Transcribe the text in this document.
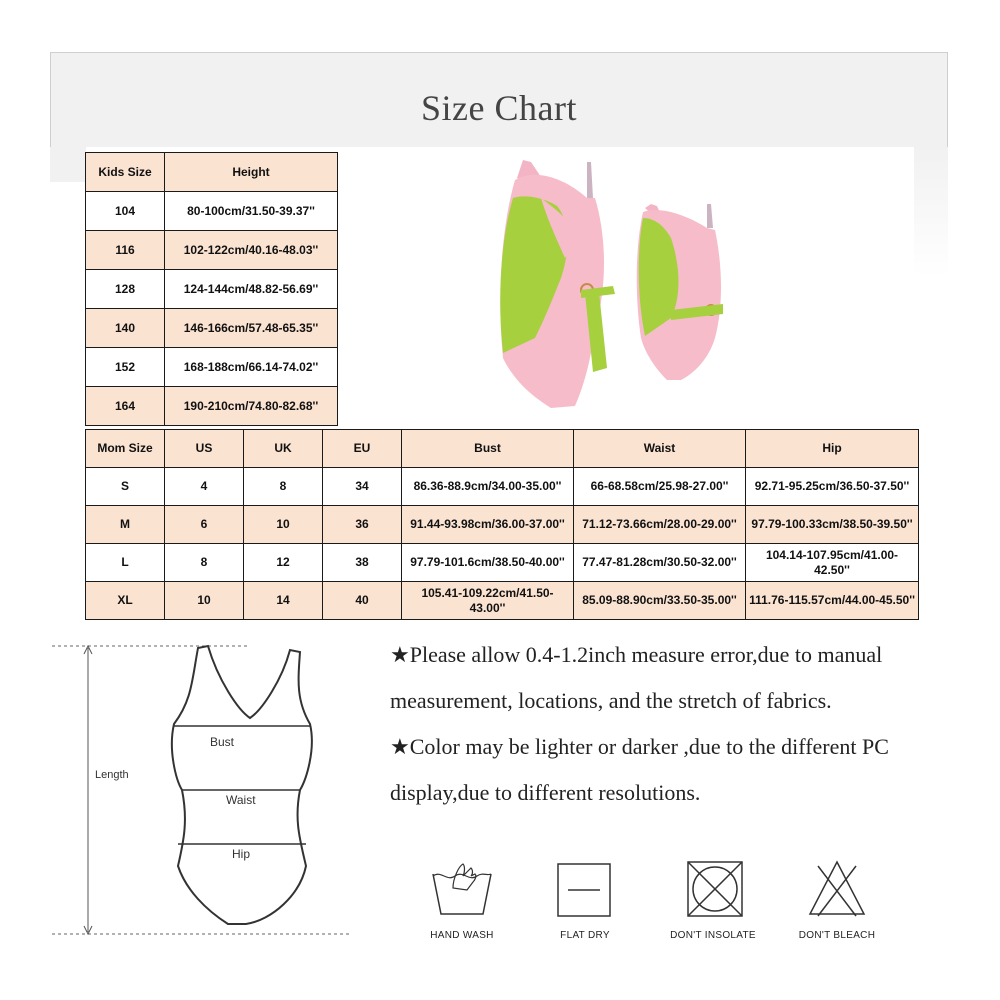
Size Chart
Kids Size	Height
104	80-100cm/31.50-39.37''
116	102-122cm/40.16-48.03''
128	124-144cm/48.82-56.69''
140	146-166cm/57.48-65.35''
152	168-188cm/66.14-74.02''
164	190-210cm/74.80-82.68''
Mom Size	US	UK	EU	Bust	Waist	Hip
S	4	8	34	86.36-88.9cm/34.00-35.00''	66-68.58cm/25.98-27.00''	92.71-95.25cm/36.50-37.50''
M	6	10	36	91.44-93.98cm/36.00-37.00''	71.12-73.66cm/28.00-29.00''	97.79-100.33cm/38.50-39.50''
L	8	12	38	97.79-101.6cm/38.50-40.00''	77.47-81.28cm/30.50-32.00''	104.14-107.95cm/41.00-42.50''
XL	10	14	40	105.41-109.22cm/41.50-43.00''	85.09-88.90cm/33.50-35.00''	111.76-115.57cm/44.00-45.50''
Length
Bust
Waist
Hip

★Please allow 0.4-1.2inch measure error,due to manual measurement, locations, and the stretch of fabrics.

★Color may be lighter or darker ,due to the different PC display,due to different resolutions.

HAND WASH	FLAT DRY	DON'T INSOLATE	DON'T BLEACH
